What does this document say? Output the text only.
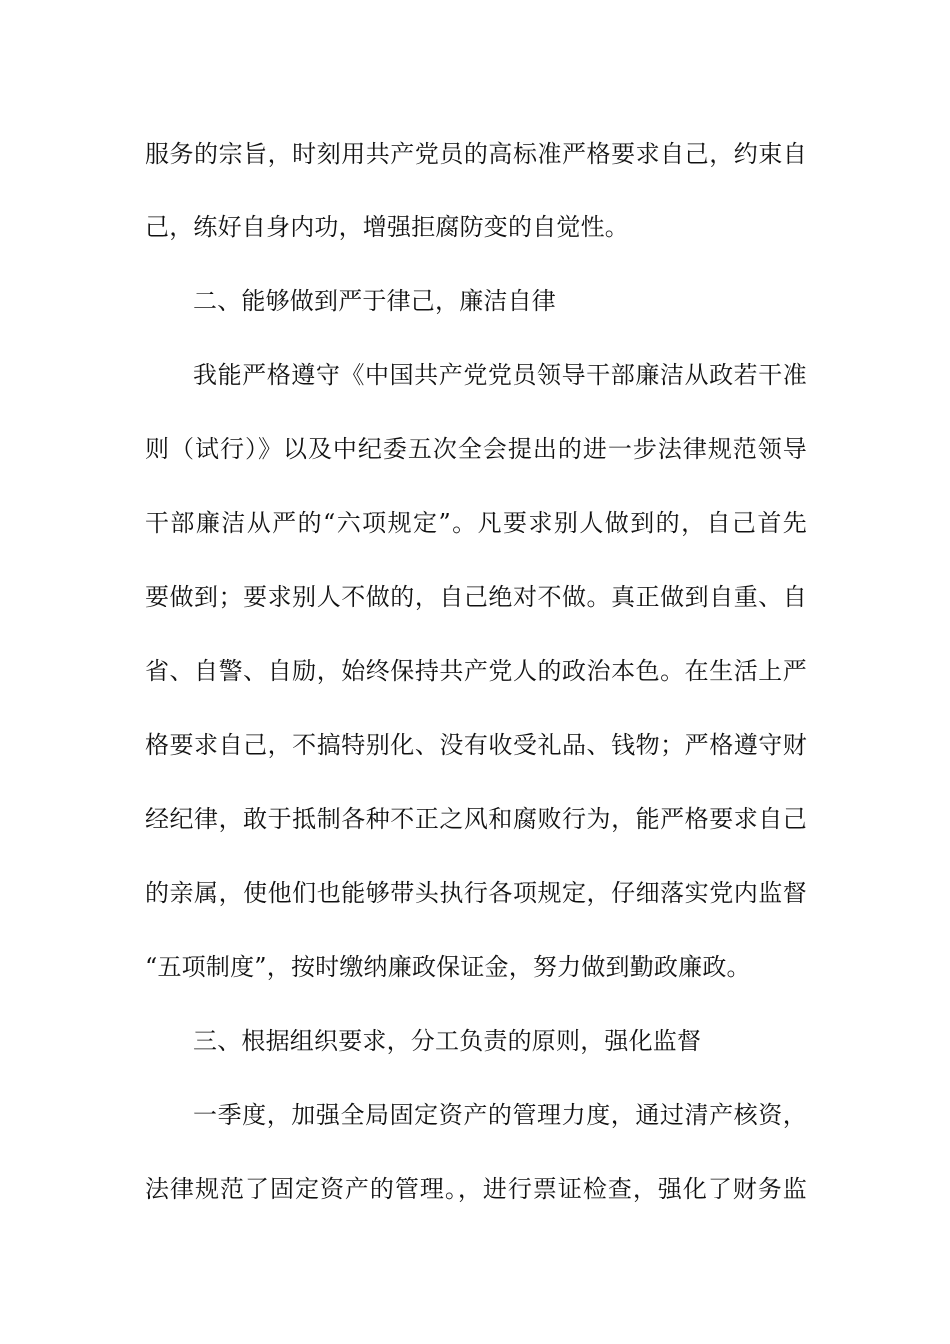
服务的宗旨，时刻用共产党员的高标准严格要求自己，约束自
己，练好自身内功，增强拒腐防变的自觉性。
二、能够做到严于律己，廉洁自律
我能严格遵守《中国共产党党员领导干部廉洁从政若干准
则（试行）》以及中纪委五次全会提出的进一步法律规范领导
干部廉洁从严的“六项规定”。凡要求别人做到的，自己首先
要做到；要求别人不做的，自己绝对不做。真正做到自重、自
省、自警、自励，始终保持共产党人的政治本色。在生活上严
格要求自己，不搞特别化、没有收受礼品、钱物；严格遵守财
经纪律，敢于抵制各种不正之风和腐败行为，能严格要求自己
的亲属，使他们也能够带头执行各项规定，仔细落实党内监督
“五项制度”，按时缴纳廉政保证金，努力做到勤政廉政。
三、根据组织要求，分工负责的原则，强化监督
一季度，加强全局固定资产的管理力度，通过清产核资，
法律规范了固定资产的管理。，进行票证检查，强化了财务监
